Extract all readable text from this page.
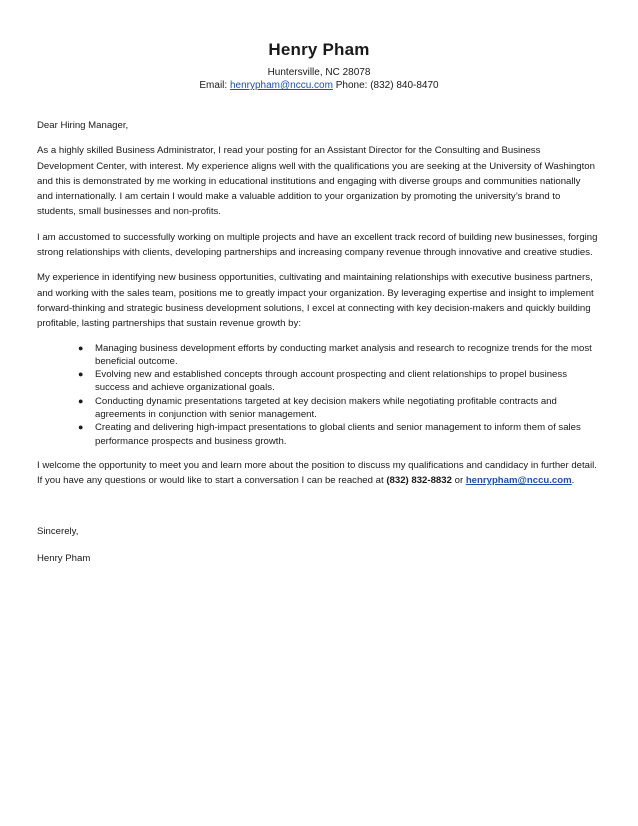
Henry Pham

Huntersville, NC 28078
Email: henrypham@nccu.com Phone: (832) 840-8470

Dear Hiring Manager,

As a highly skilled Business Administrator, I read your posting for an Assistant Director for the Consulting and Business Development Center, with interest. My experience aligns well with the qualifications you are seeking at the University of Washington and this is demonstrated by me working in educational institutions and engaging with diverse groups and communities nationally and internationally. I am certain I would make a valuable addition to your organization by promoting the university’s brand to students, small businesses and non-profits.

I am accustomed to successfully working on multiple projects and have an excellent track record of building new businesses, forging strong relationships with clients, developing partnerships and increasing company revenue through innovative and creative studies.

My experience in identifying new business opportunities, cultivating and maintaining relationships with executive business partners, and working with the sales team, positions me to greatly impact your organization. By leveraging expertise and insight to implement forward-thinking and strategic business development solutions, I excel at connecting with key decision-makers and quickly building profitable, lasting partnerships that sustain revenue growth by:

● Managing business development efforts by conducting market analysis and research to recognize trends for the most beneficial outcome.
● Evolving new and established concepts through account prospecting and client relationships to propel business success and achieve organizational goals.
● Conducting dynamic presentations targeted at key decision makers while negotiating profitable contracts and agreements in conjunction with senior management.
● Creating and delivering high-impact presentations to global clients and senior management to inform them of sales performance prospects and business growth.

I welcome the opportunity to meet you and learn more about the position to discuss my qualifications and candidacy in further detail. If you have any questions or would like to start a conversation I can be reached at (832) 832-8832 or henrypham@nccu.com.

Sincerely,

Henry Pham
